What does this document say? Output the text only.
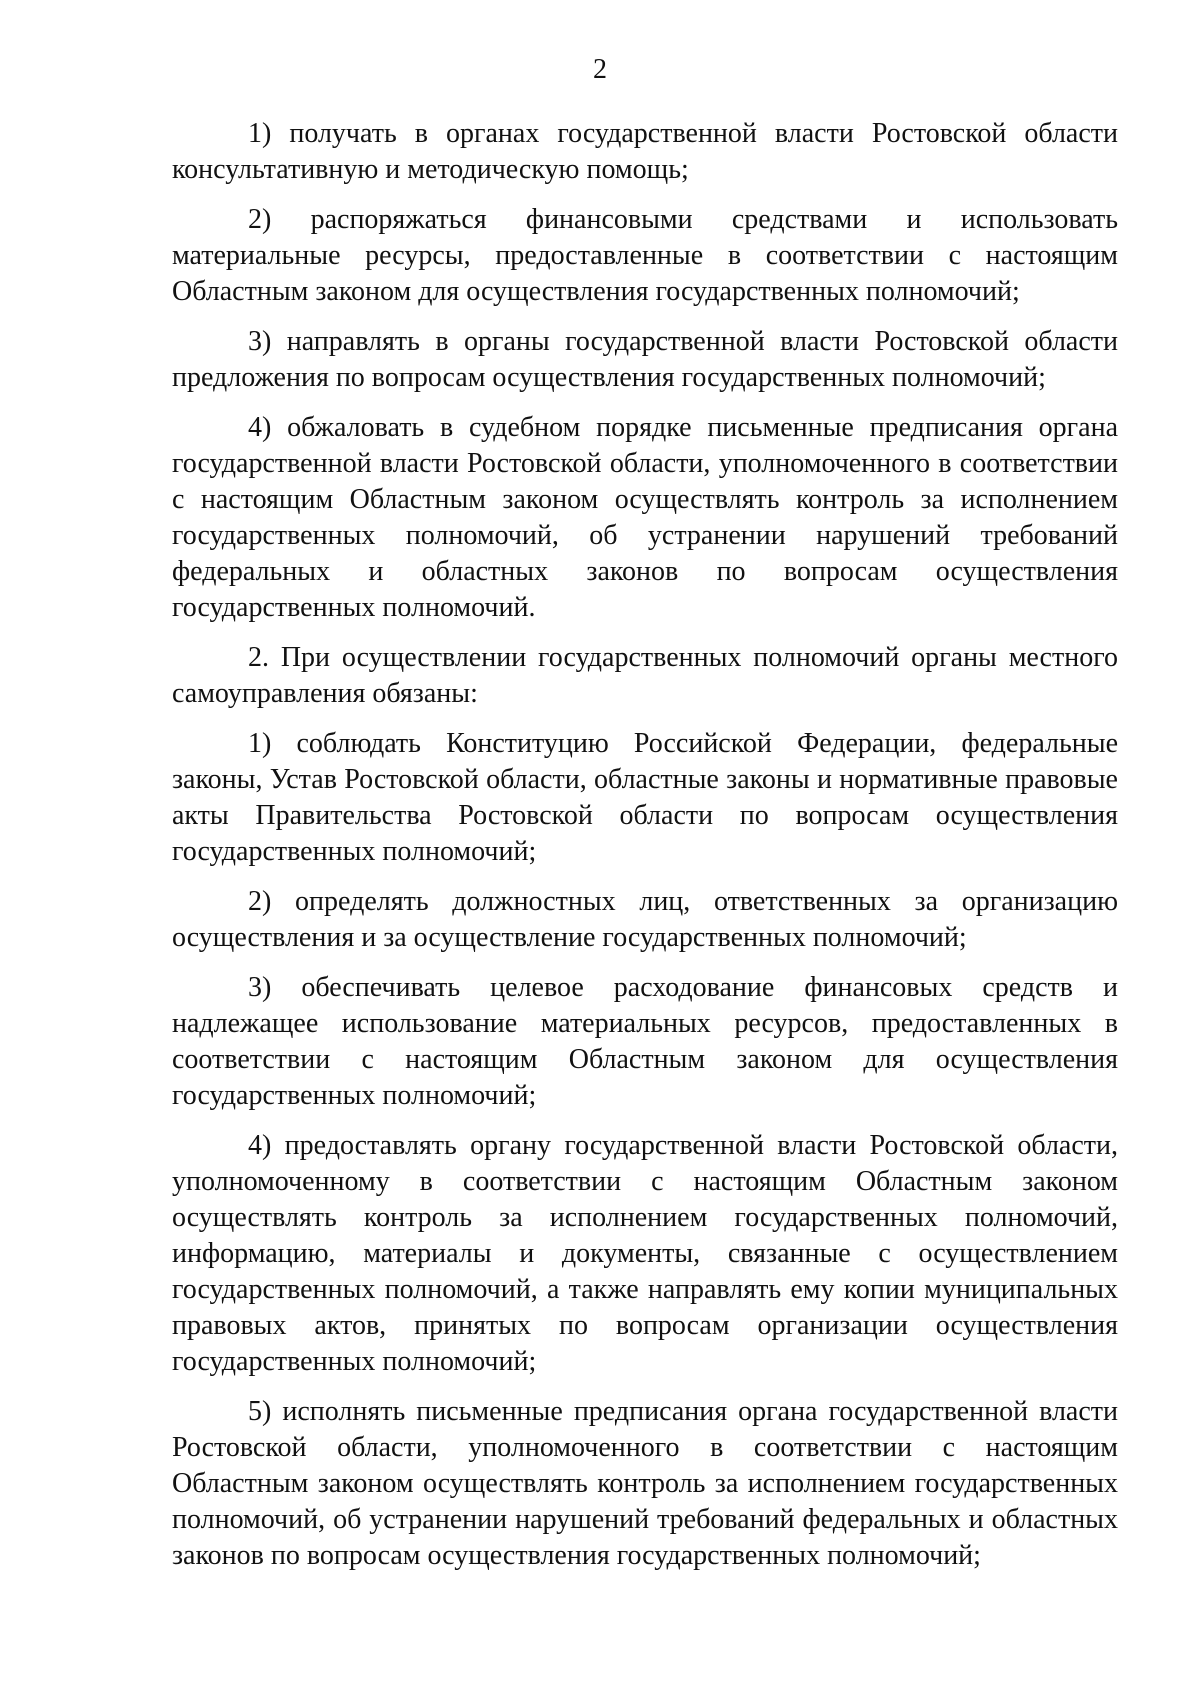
2

1) получать в органах государственной власти Ростовской области консультативную и методическую помощь;

2) распоряжаться финансовыми средствами и использовать материальные ресурсы, предоставленные в соответствии с настоящим Областным законом для осуществления государственных полномочий;

3) направлять в органы государственной власти Ростовской области предложения по вопросам осуществления государственных полномочий;

4) обжаловать в судебном порядке письменные предписания органа государственной власти Ростовской области, уполномоченного в соответствии с настоящим Областным законом осуществлять контроль за исполнением государственных полномочий, об устранении нарушений требований федеральных и областных законов по вопросам осуществления государственных полномочий.

2. При осуществлении государственных полномочий органы местного самоуправления обязаны:

1) соблюдать Конституцию Российской Федерации, федеральные законы, Устав Ростовской области, областные законы и нормативные правовые акты Правительства Ростовской области по вопросам осуществления государственных полномочий;

2) определять должностных лиц, ответственных за организацию осуществления и за осуществление государственных полномочий;

3) обеспечивать целевое расходование финансовых средств и надлежащее использование материальных ресурсов, предоставленных в соответствии с настоящим Областным законом для осуществления государственных полномочий;

4) предоставлять органу государственной власти Ростовской области, уполномоченному в соответствии с настоящим Областным законом осуществлять контроль за исполнением государственных полномочий, информацию, материалы и документы, связанные с осуществлением государственных полномочий, а также направлять ему копии муниципальных правовых актов, принятых по вопросам организации осуществления государственных полномочий;

5) исполнять письменные предписания органа государственной власти Ростовской области, уполномоченного в соответствии с настоящим Областным законом осуществлять контроль за исполнением государственных полномочий, об устранении нарушений требований федеральных и областных законов по вопросам осуществления государственных полномочий;
